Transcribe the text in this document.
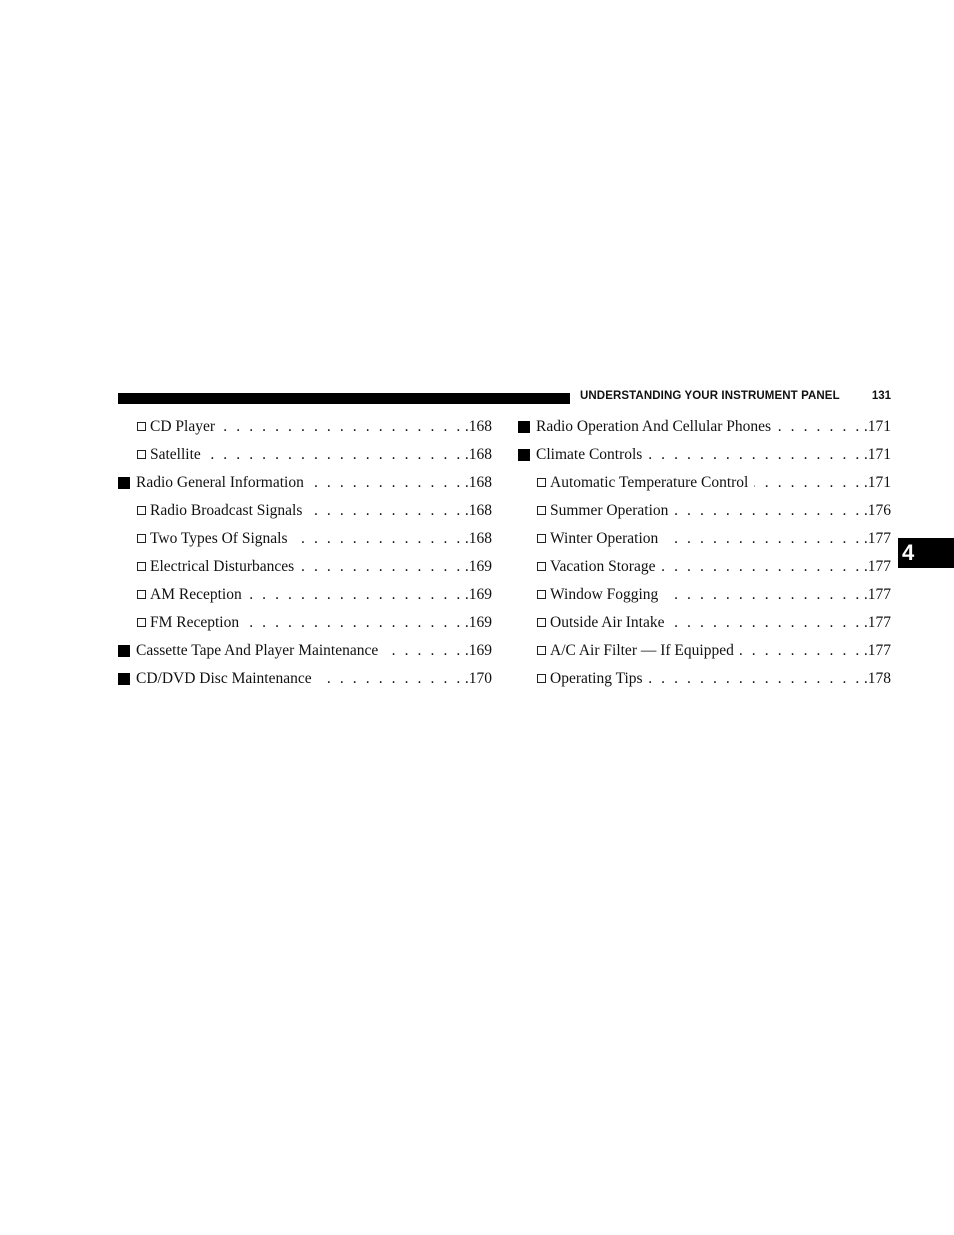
UNDERSTANDING YOUR INSTRUMENT PANEL	131
4
CD Player . . .	.168
Satellite . . .	.168
Radio General Information . . .	.168
Radio Broadcast Signals . . .	.168
Two Types Of Signals . . .	.168
Electrical Disturbances . . .	.169
AM Reception . . .	.169
FM Reception . . .	.169
Cassette Tape And Player Maintenance . . .	.169
CD/DVD Disc Maintenance . . .	.170
Radio Operation And Cellular Phones . . .	.171
Climate Controls . . .	.171
Automatic Temperature Control . . .	.171
Summer Operation . . .	.176
Winter Operation . . .	.177
Vacation Storage . . .	.177
Window Fogging . . .	.177
Outside Air Intake . . .	.177
A/C Air Filter — If Equipped . . .	.177
Operating Tips . . .	.178
